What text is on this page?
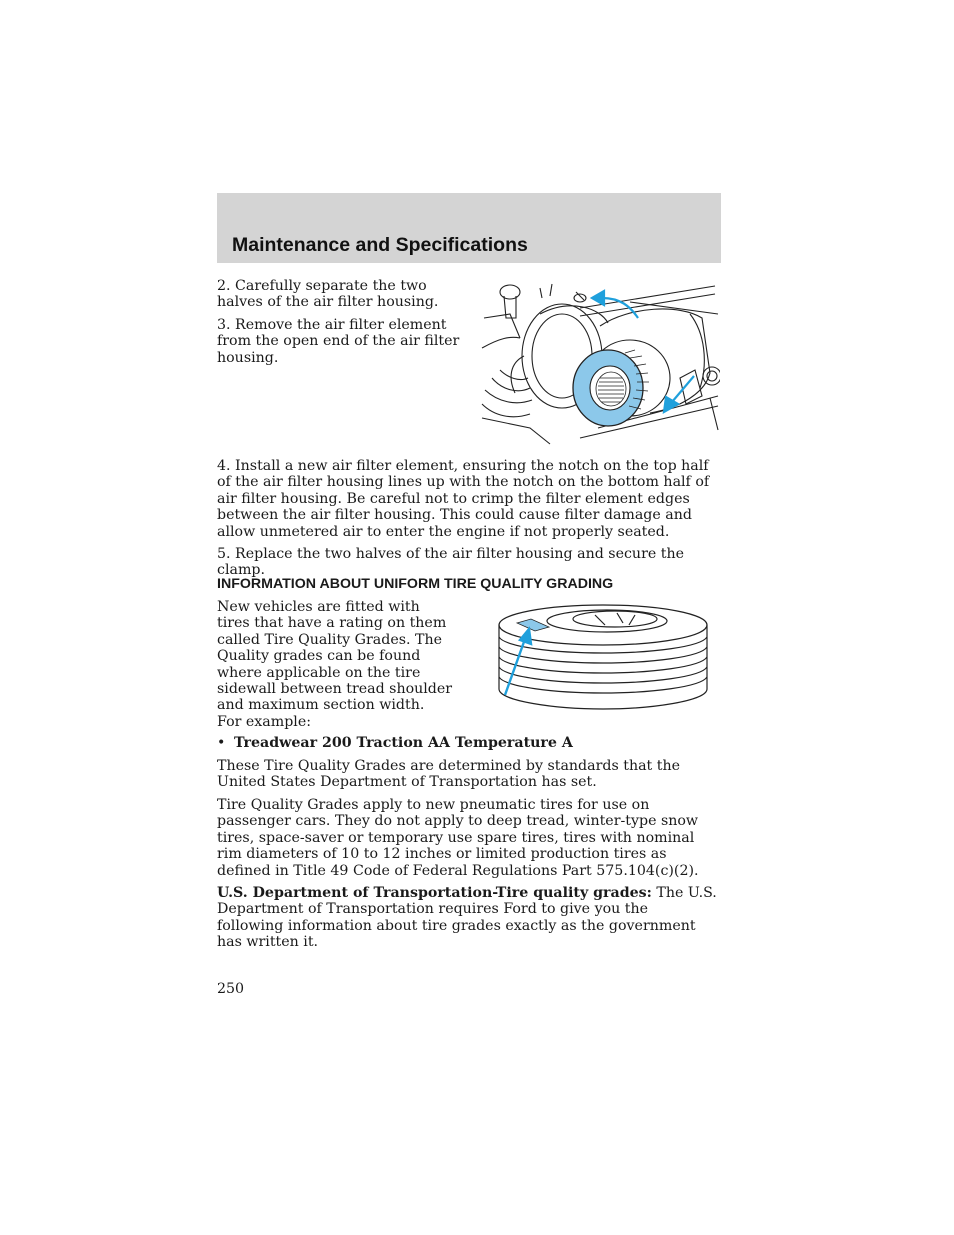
Maintenance and Specifications

2. Carefully separate the two halves of the air filter housing.

3. Remove the air filter element from the open end of the air filter housing.

4. Install a new air filter element, ensuring the notch on the top half of the air filter housing lines up with the notch on the bottom half of air filter housing. Be careful not to crimp the filter element edges between the air filter housing. This could cause filter damage and allow unmetered air to enter the engine if not properly seated.

5. Replace the two halves of the air filter housing and secure the clamp.

INFORMATION ABOUT UNIFORM TIRE QUALITY GRADING

New vehicles are fitted with tires that have a rating on them called Tire Quality Grades. The Quality grades can be found where applicable on the tire sidewall between tread shoulder and maximum section width. For example:

• Treadwear 200 Traction AA Temperature A

These Tire Quality Grades are determined by standards that the United States Department of Transportation has set.

Tire Quality Grades apply to new pneumatic tires for use on passenger cars. They do not apply to deep tread, winter-type snow tires, space-saver or temporary use spare tires, tires with nominal rim diameters of 10 to 12 inches or limited production tires as defined in Title 49 Code of Federal Regulations Part 575.104(c)(2).

U.S. Department of Transportation-Tire quality grades: The U.S. Department of Transportation requires Ford to give you the following information about tire grades exactly as the government has written it.

250
